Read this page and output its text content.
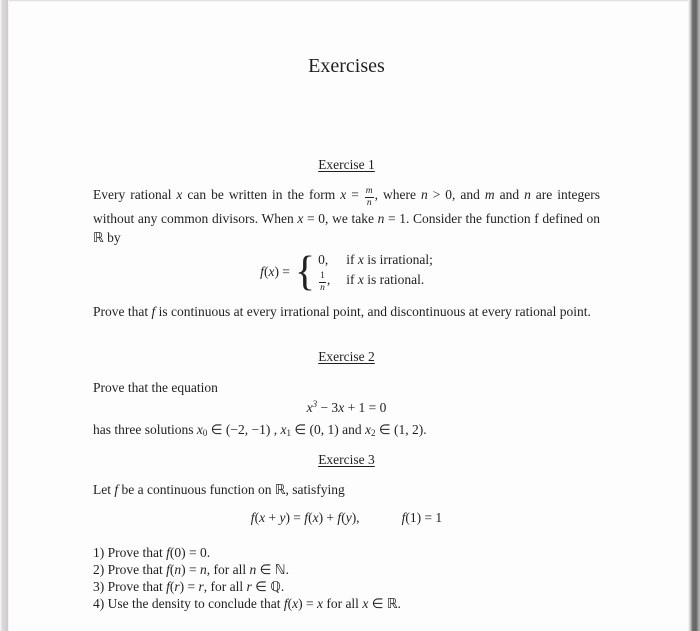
Exercises
Exercise 1
Every rational x can be written in the form $x = \frac{m}{n}$ , where n > 0, and m and n are integers without any common divisors. When x = 0, we take n = 1. Consider the function f defined on ℝ by
f(x) = { 0, if x is irrational;
$\frac{1}{n}$ , if x is rational.
Prove that f is continuous at every irrational point, and discontinuous at every rational point.
Exercise 2
Prove that the equation
$x^3 - 3x + 1 = 0$
has three solutions x0 ∈ (−2, −1) , x1 ∈ (0, 1) and x2 ∈ (1, 2).
Exercise 3
Let f be a continuous function on ℝ, satisfying
f(x + y) = f(x) + f(y),	f(1) = 1
1) Prove that f(0) = 0.
2) Prove that f(n) = n, for all n ∈ ℕ.
3) Prove that f(r) = r, for all r ∈ ℚ.
4) Use the density to conclude that f(x) = x for all x ∈ ℝ.
